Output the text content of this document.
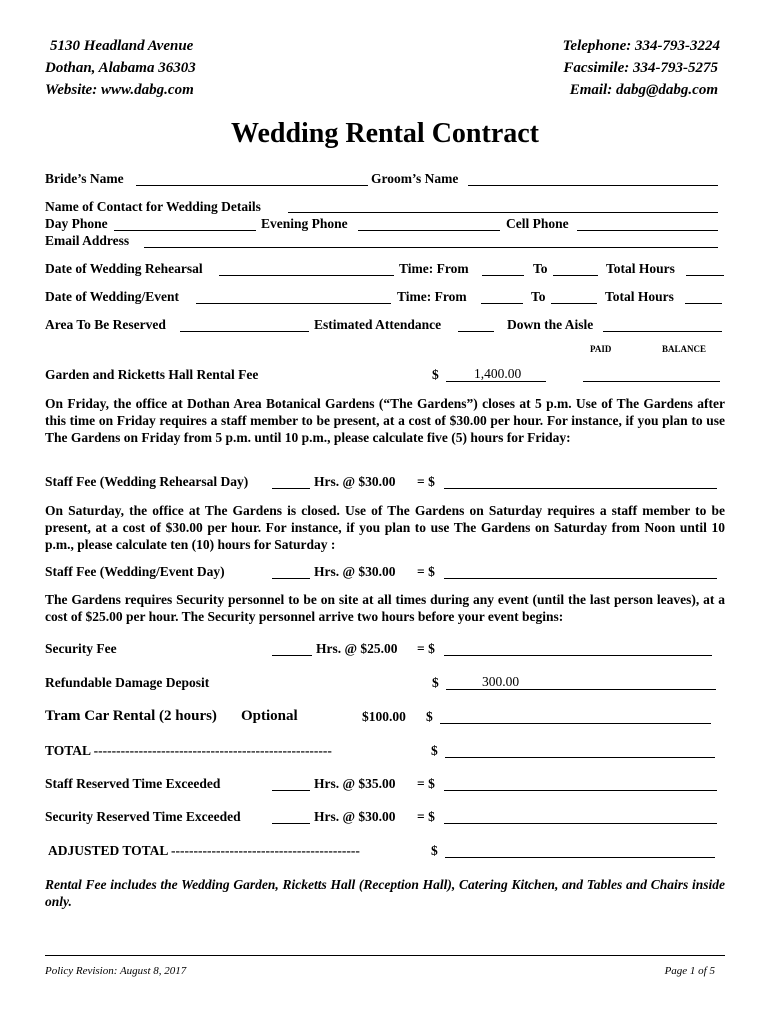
5130 Headland Avenue
Dothan, Alabama 36303
Website: www.dabg.com
Telephone: 334-793-3224
Facsimile: 334-793-5275
Email: dabg@dabg.com
Wedding Rental Contract
Bride’s Name	Groom’s Name
Name of Contact for Wedding Details
Day Phone	Evening Phone	Cell Phone
Email Address
Date of Wedding Rehearsal	Time: From	To	Total Hours
Date of Wedding/Event	Time: From	To	Total Hours
Area To Be Reserved	Estimated Attendance	Down the Aisle
PAID	BALANCE
Garden and Ricketts Hall Rental Fee	$	1,400.00
On Friday, the office at Dothan Area Botanical Gardens (“The Gardens”) closes at 5 p.m. Use of The Gardens after this time on Friday requires a staff member to be present, at a cost of $30.00 per hour. For instance, if you plan to use The Gardens on Friday from 5 p.m. until 10 p.m., please calculate five (5) hours for Friday:
Staff Fee (Wedding Rehearsal Day)	Hrs. @ $30.00 = $
On Saturday, the office at The Gardens is closed. Use of The Gardens on Saturday requires a staff member to be present, at a cost of $30.00 per hour. For instance, if you plan to use The Gardens on Saturday from Noon until 10 p.m., please calculate ten (10) hours for Saturday :
Staff Fee (Wedding/Event Day)	Hrs. @ $30.00 = $
The Gardens requires Security personnel to be on site at all times during any event (until the last person leaves), at a cost of $25.00 per hour. The Security personnel arrive two hours before your event begins:
Security Fee	Hrs. @ $25.00 = $
Refundable Damage Deposit	$	300.00
Tram Car Rental (2 hours) Optional	$100.00 $
TOTAL -----------------------------------------------------	$
Staff Reserved Time Exceeded	Hrs. @ $35.00 = $
Security Reserved Time Exceeded	Hrs. @ $30.00 = $
ADJUSTED TOTAL ------------------------------------------	$
Rental Fee includes the Wedding Garden, Ricketts Hall (Reception Hall), Catering Kitchen, and Tables and Chairs inside only.
Policy Revision: August 8, 2017	Page 1 of 5
